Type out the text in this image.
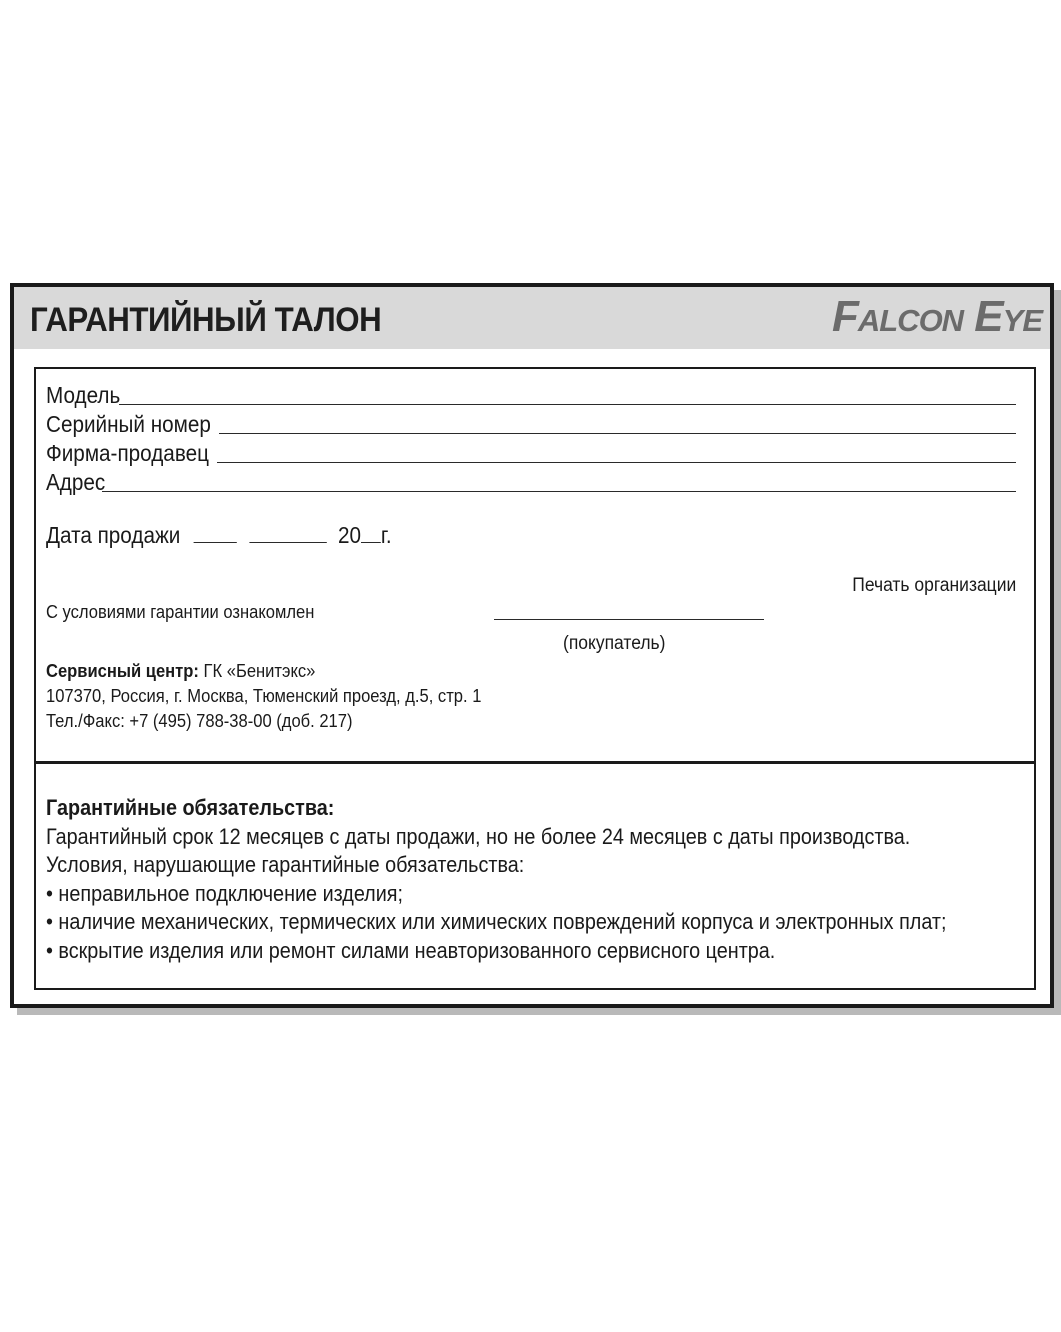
ГАРАНТИЙНЫЙ ТАЛОН	Falcon Eye
Модель
Серийный номер
Фирма-продавец
Адрес
Дата продажи	20 г.
Печать организации
С условиями гарантии ознакомлен
(покупатель)
Сервисный центр: ГК «Бенитэкс»
107370, Россия, г. Москва, Тюменский проезд, д.5, стр. 1
Тел./Факс: +7 (495) 788-38-00 (доб. 217)
Гарантийные обязательства:
Гарантийный срок 12 месяцев с даты продажи, но не более 24 месяцев с даты производства.
Условия, нарушающие гарантийные обязательства:
• неправильное подключение изделия;
• наличие механических, термических или химических повреждений корпуса и электронных плат;
• вскрытие изделия или ремонт силами неавторизованного сервисного центра.
